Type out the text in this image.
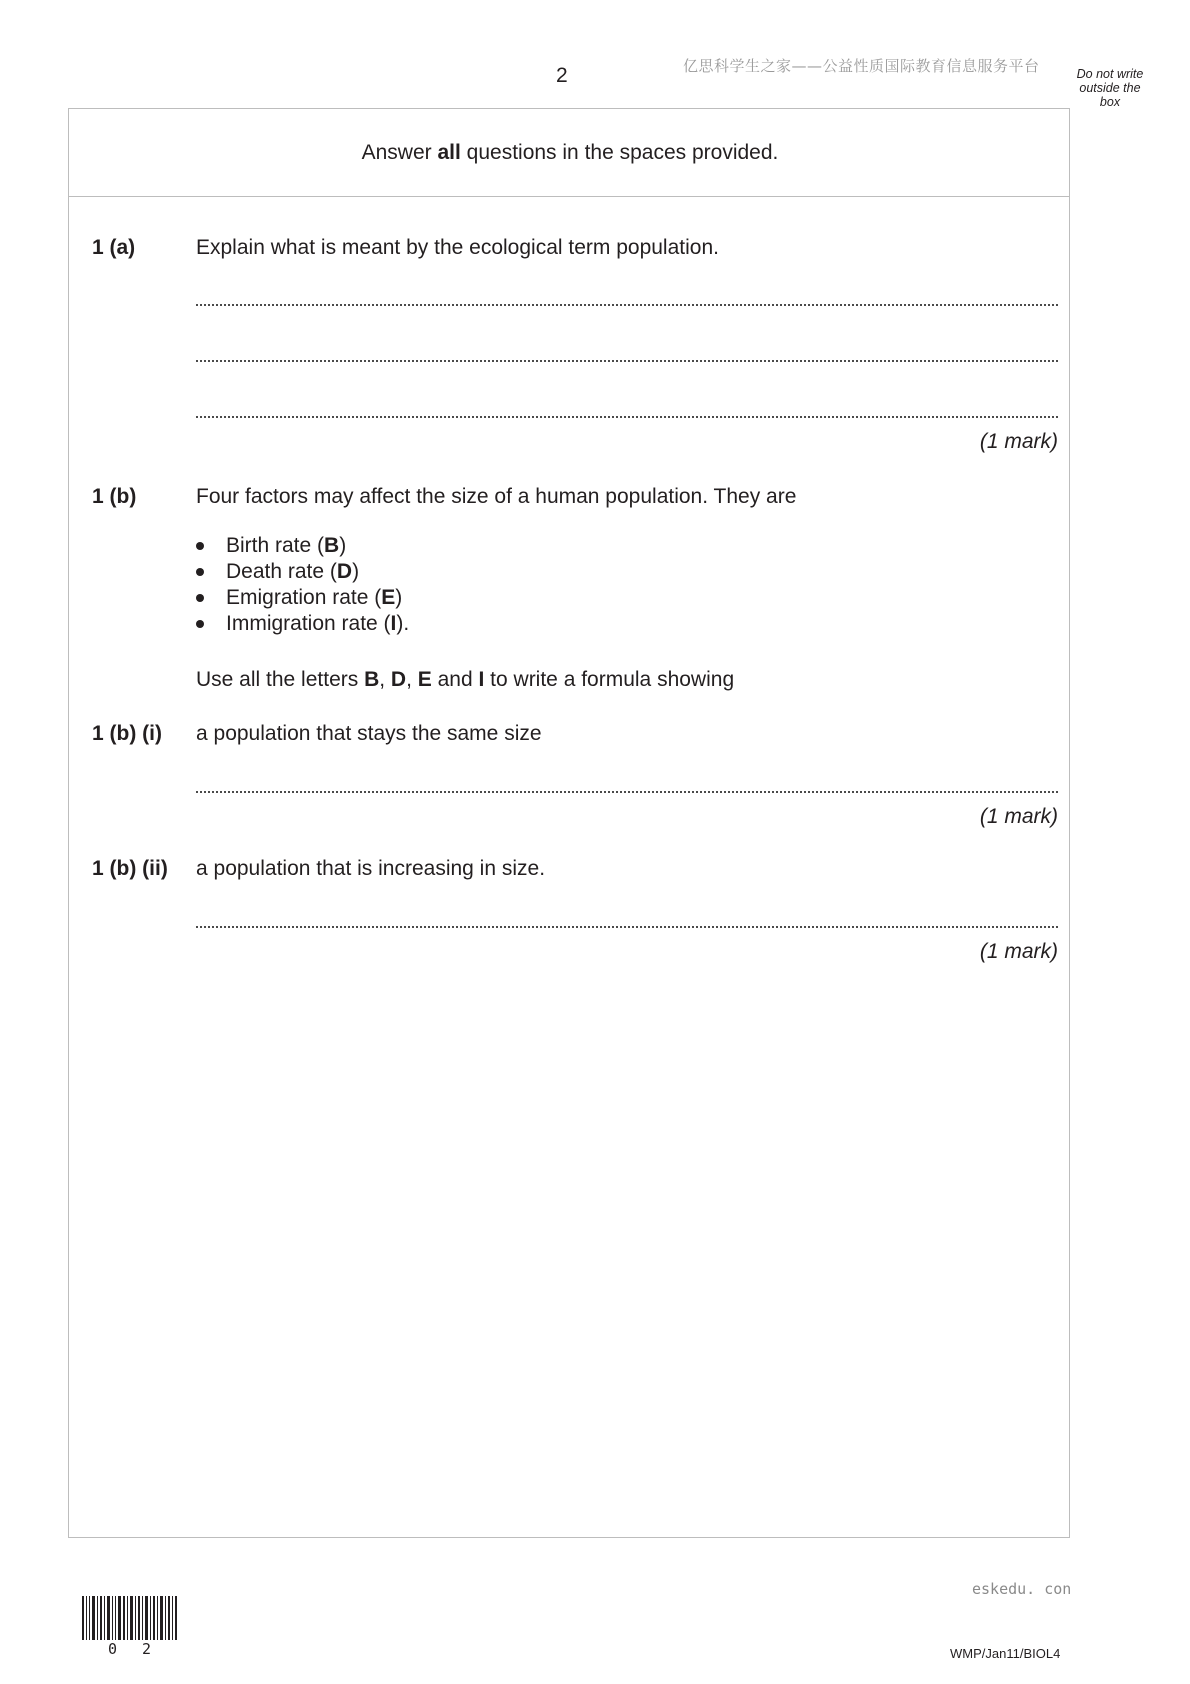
2	亿思科学生之家——公益性质国际教育信息服务平台	Do not write outside the box
Answer all questions in the spaces provided.
1 (a)	Explain what is meant by the ecological term population.
(1 mark)
1 (b)	Four factors may affect the size of a human population. They are
Birth rate (B)
Death rate (D)
Emigration rate (E)
Immigration rate (I).
Use all the letters B, D, E and I to write a formula showing
1 (b) (i) a population that stays the same size
(1 mark)
1 (b) (ii) a population that is increasing in size.
(1 mark)
eskedu. con
0 2	WMP/Jan11/BIOL4
